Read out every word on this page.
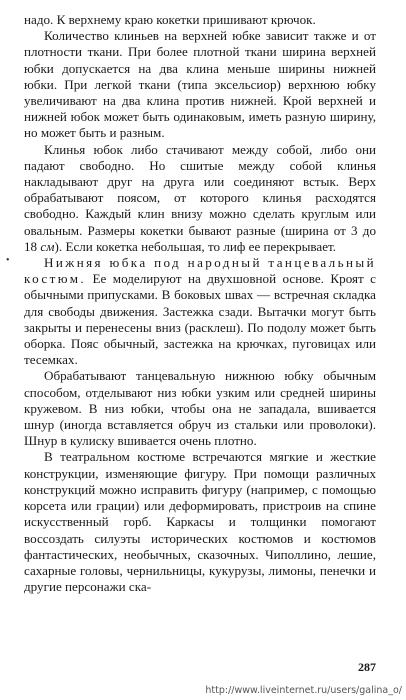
надо. К верхнему краю кокетки пришивают крючок.

Количество клиньев на верхней юбке зависит также и от плотности ткани. При более плотной ткани ширина верхней юбки допускается на два клина меньше ширины нижней юбки. При легкой ткани (типа эксельсиор) верхнюю юбку увеличивают на два клина против нижней. Крой верхней и нижней юбок может быть одинаковым, иметь разную ширину, но может быть и разным.

Клинья юбок либо стачивают между собой, либо они падают свободно. Но сшитые между собой клинья накладывают друг на друга или соединяют встык. Верх обрабатывают поясом, от которого клинья расходятся свободно. Каждый клин внизу можно сделать круглым или овальным. Размеры кокетки бывают разные (ширина от 3 до 18 см). Если кокетка небольшая, то лиф ее перекрывает.

Нижняя юбка под народный танцевальный костюм. Ее моделируют на двухшовной основе. Кроят с обычными припусками. В боковых швах — встречная складка для свободы движения. Застежка сзади. Вытачки могут быть закрыты и перенесены вниз (расклеш). По подолу может быть оборка. Пояс обычный, застежка на крючках, пуговицах или тесемках.

Обрабатывают танцевальную нижнюю юбку обычным способом, отделывают низ юбки узким или средней ширины кружевом. В низ юбки, чтобы она не западала, вшивается шнур (иногда вставляется обруч из стальки или проволоки). Шнур в кулиску вшивается очень плотно.

В театральном костюме встречаются мягкие и жесткие конструкции, изменяющие фигуру. При помощи различных конструкций можно исправить фигуру (например, с помощью корсета или грации) или деформировать, пристроив на спине искусственный горб. Каркасы и толщинки помогают воссоздать силуэты исторических костюмов и костюмов фантастических, необычных, сказочных. Чиполлино, лешие, сахарные головы, чернильницы, кукурузы, лимоны, пенечки и другие персонажи ска-

•
287
http://www.liveinternet.ru/users/galina_o/
